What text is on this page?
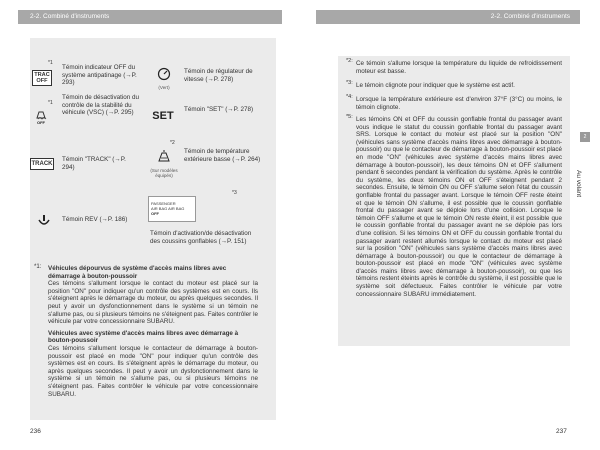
2-2. Combiné d'instruments	2-2. Combiné d'instruments
*1
TRAC OFF
Témoin indicateur OFF du système antipatinage (→P. 293)
*1
OFF
Témoin de désactivation du contrôle de la stabilité du véhicule (VSC) (→P. 295)
TRACK
Témoin "TRACK" (→P. 294)
Témoin REV (→P. 186)
(Vert)
Témoin de régulateur de vitesse (→P. 278)
SET
Témoin "SET" (→P. 278)
*2
(Sur modèles équipés)
Témoin de température extérieure basse (→P. 264)
*3
PASSENGER
AIR BAG AIR BAG
OFF
Témoin d'activation/de désactivation des coussins gonflables (→P. 151)
*1: Véhicules dépourvus de système d'accès mains libres avec démarrage à bouton-poussoir
Ces témoins s'allument lorsque le contact du moteur est placé sur la position "ON" pour indiquer qu'un contrôle des systèmes est en cours. Ils s'éteignent après le démarrage du moteur, ou après quelques secondes. Il peut y avoir un dysfonctionnement dans le système si un témoin ne s'allume pas, ou si plusieurs témoins ne s'éteignent pas. Faites contrôler le véhicule par votre concessionnaire SUBARU.
Véhicules avec système d'accès mains libres avec démarrage à bouton-poussoir
Ces témoins s'allument lorsque le contacteur de démarrage à bouton-poussoir est placé en mode "ON" pour indiquer qu'un contrôle des systèmes est en cours. Ils s'éteignent après le démarrage du moteur, ou après quelques secondes. Il peut y avoir un dysfonctionnement dans le système si un témoin ne s'allume pas, ou si plusieurs témoins ne s'éteignent pas. Faites contrôler le véhicule par votre concessionnaire SUBARU.
*2: Ce témoin s'allume lorsque la température du liquide de refroidissement moteur est basse.
*3: Le témoin clignote pour indiquer que le système est actif.
*4: Lorsque la température extérieure est d'environ 37°F (3°C) ou moins, le témoin clignote.
*5: Les témoins ON et OFF du coussin gonflable frontal du passager avant vous indique le statut du coussin gonflable frontal du passager avant SRS. Lorsque le contact du moteur est placé sur la position "ON" (véhicules sans système d'accès mains libres avec démarrage à bouton-poussoir) ou que le contacteur de démarrage à bouton-poussoir est placé en mode "ON" (véhicules avec système d'accès mains libres avec démarrage à bouton-poussoir), les deux témoins ON et OFF s'allument pendant 6 secondes pendant la vérification du système. Après le contrôle du système, les deux témoins ON et OFF s'éteignent pendant 2 secondes. Ensuite, le témoin ON ou OFF s'allume selon l'état du coussin gonflable frontal du passager avant. Lorsque le témoin OFF reste éteint et que le témoin ON s'allume, il est possible que le coussin gonflable frontal du passager avant se déploie lors d'une collision. Lorsque le témoin OFF s'allume et que le témoin ON reste éteint, il est possible que le coussin gonflable frontal du passager avant ne se déploie pas lors d'une collision. Si les témoins ON et OFF du coussin gonflable frontal du passager avant restent allumés lorsque le contact du moteur est placé sur la position "ON" (véhicules sans système d'accès mains libres avec démarrage à bouton-poussoir) ou que le contacteur de démarrage à bouton-poussoir est placé en mode "ON" (véhicules avec système d'accès mains libres avec démarrage à bouton-poussoir), ou que les témoins restent éteints après le contrôle du système, il est possible que le système soit défectueux. Faites contrôler le véhicule par votre concessionnaire SUBARU immédiatement.
2
Au volant
236	237
